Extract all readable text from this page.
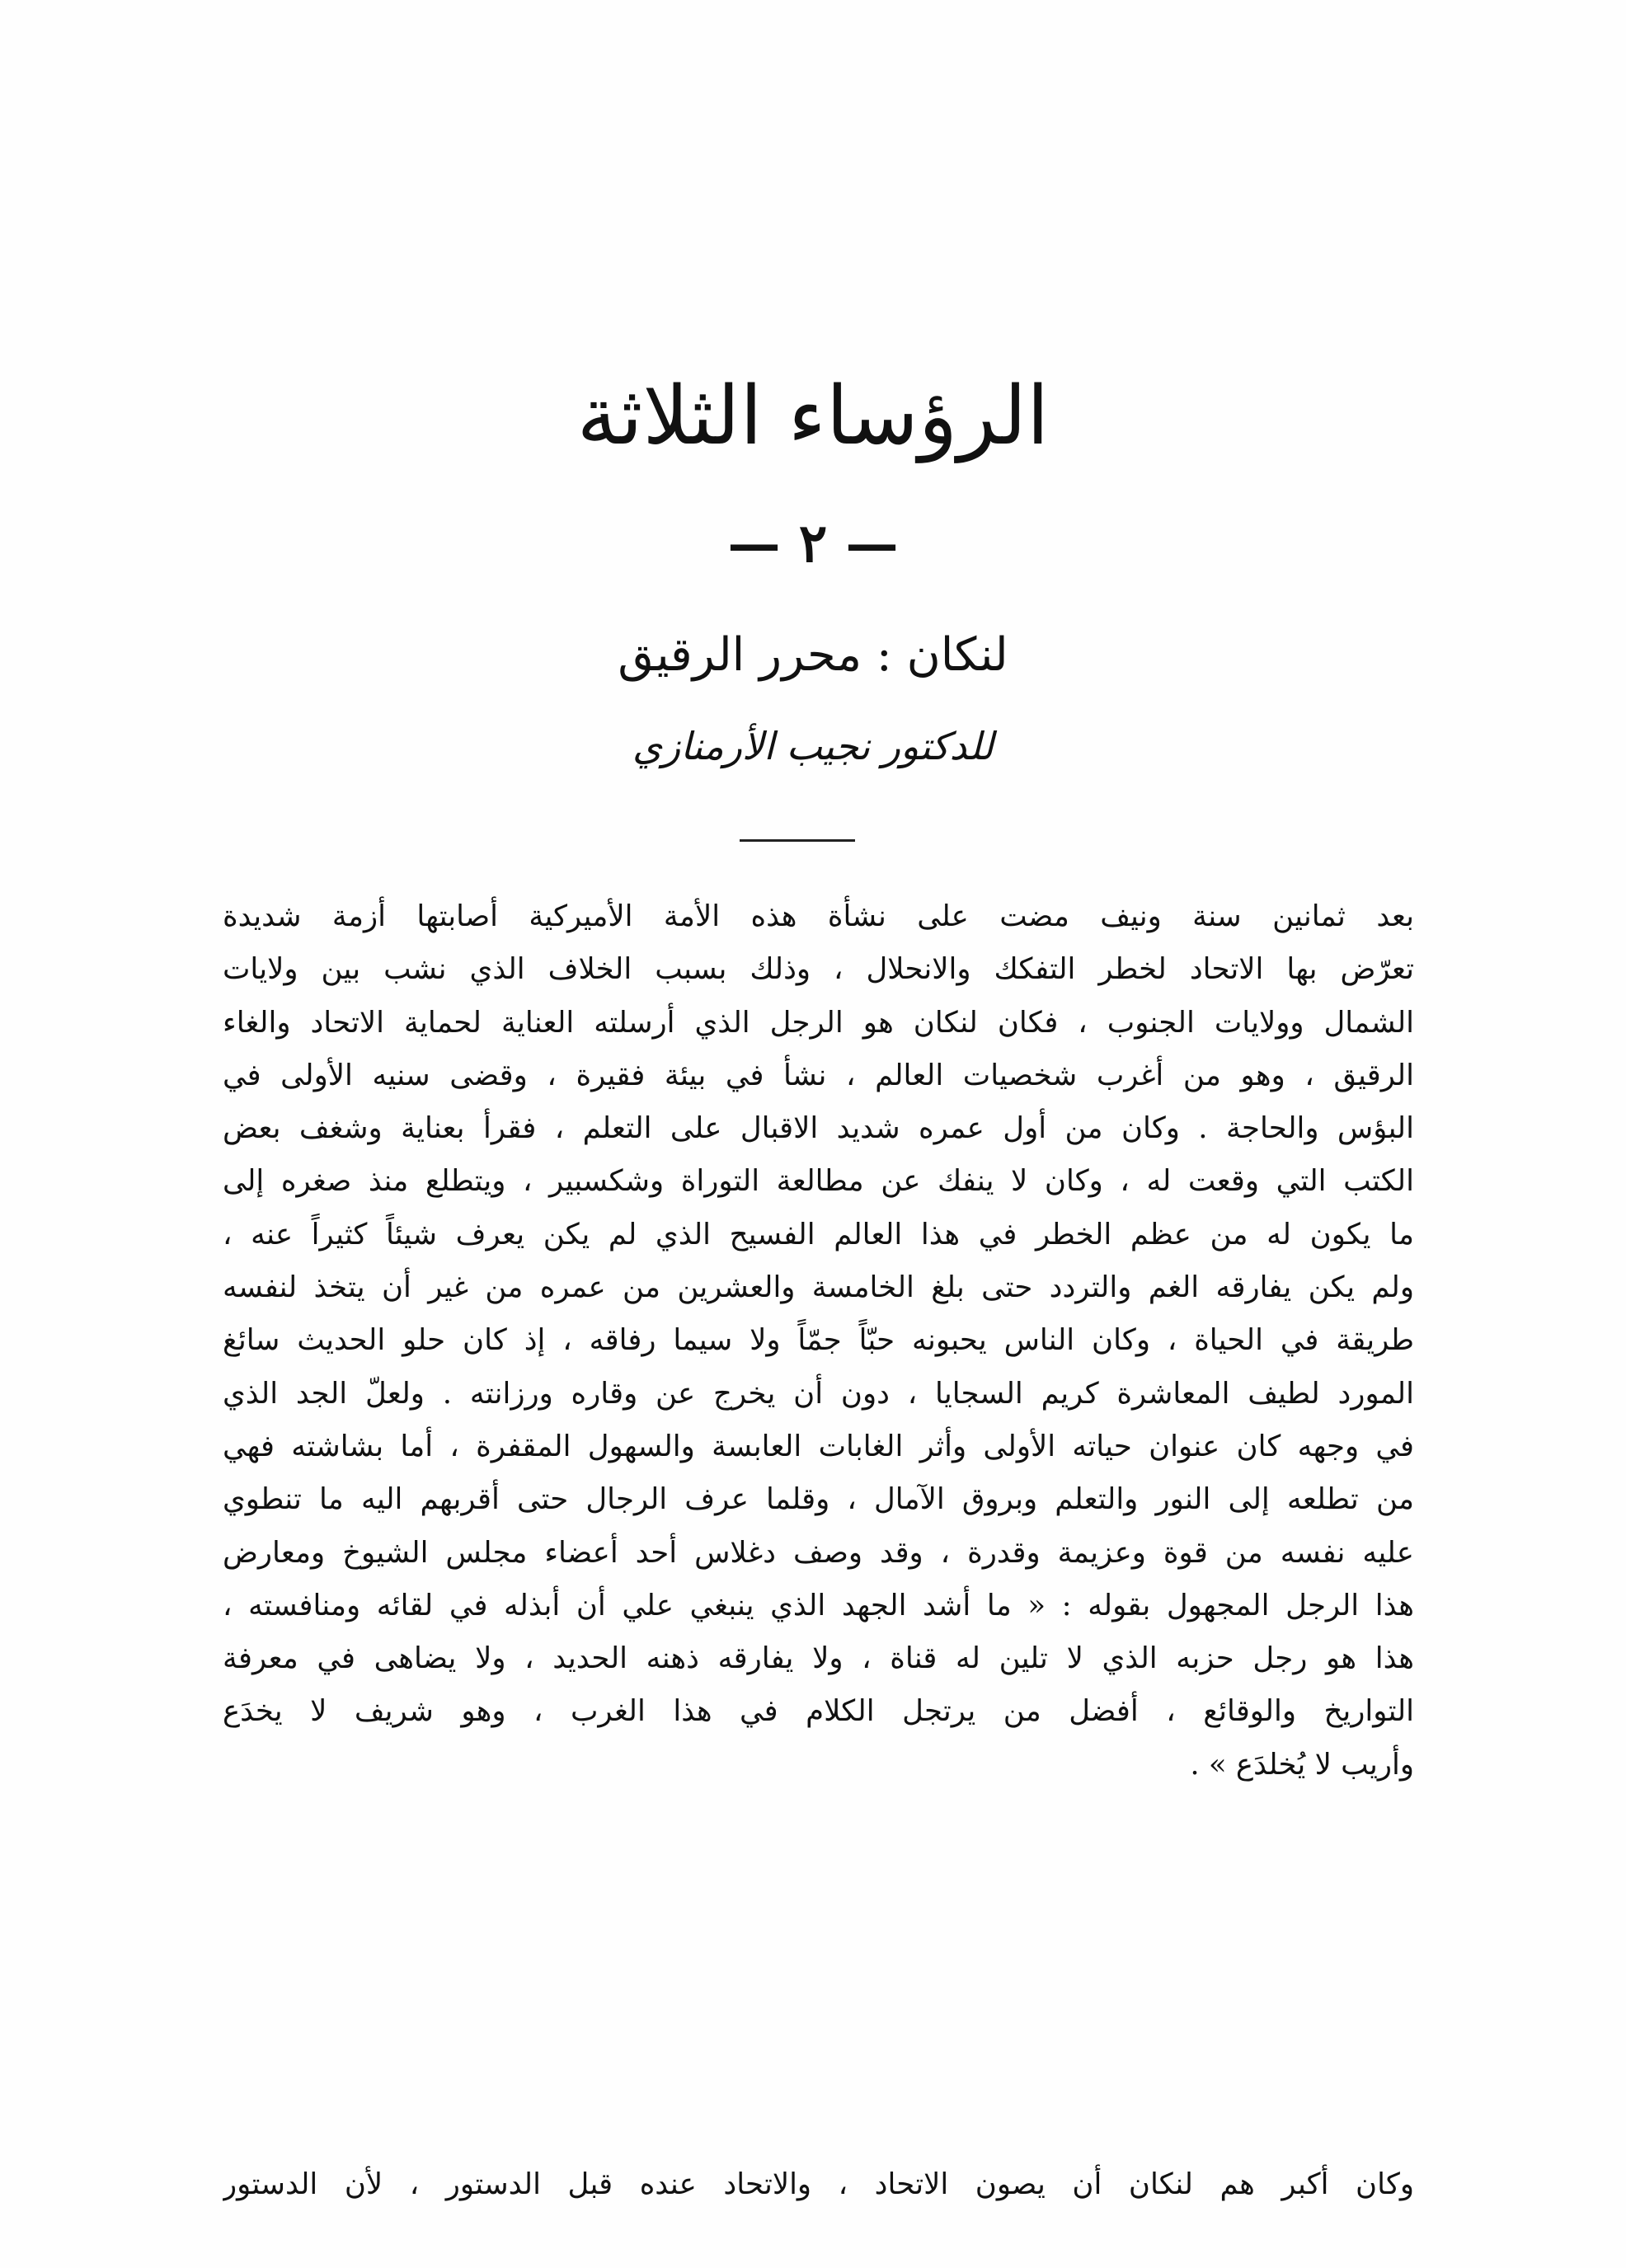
الرؤساء الثلاثة
— ٢ —
لنكان : محرر الرقيق
للدكتور نجيب الأرمنازي
بعد ثمانين سنة ونيف مضت على نشأة هذه الأمة الأميركية أصابتها أزمة شديدة
تعرّض بها الاتحاد لخطر التفكك والانحلال ، وذلك بسبب الخلاف الذي نشب بين ولايات
الشمال وولايات الجنوب ، فكان لنكان هو الرجل الذي أرسلته العناية لحماية الاتحاد والغاء
الرقيق ، وهو من أغرب شخصيات العالم ، نشأ في بيئة فقيرة ، وقضى سنيه الأولى في
البؤس والحاجة . وكان من أول عمره شديد الاقبال على التعلم ، فقرأ بعناية وشغف بعض
الكتب التي وقعت له ، وكان لا ينفك عن مطالعة التوراة وشكسبير ، ويتطلع منذ صغره إلى
ما يكون له من عظم الخطر في هذا العالم الفسيح الذي لم يكن يعرف شيئاً كثيراً عنه ،
ولم يكن يفارقه الغم والتردد حتى بلغ الخامسة والعشرين من عمره من غير أن يتخذ لنفسه
طريقة في الحياة ، وكان الناس يحبونه حبّاً جمّاً ولا سيما رفاقه ، إذ كان حلو الحديث سائغ
المورد لطيف المعاشرة كريم السجايا ، دون أن يخرج عن وقاره ورزانته . ولعلّ الجد الذي
في وجهه كان عنوان حياته الأولى وأثر الغابات العابسة والسهول المقفرة ، أما بشاشته فهي
من تطلعه إلى النور والتعلم وبروق الآمال ، وقلما عرف الرجال حتى أقربهم اليه ما تنطوي
عليه نفسه من قوة وعزيمة وقدرة ، وقد وصف دغلاس أحد أعضاء مجلس الشيوخ ومعارض
هذا الرجل المجهول بقوله : « ما أشد الجهد الذي ينبغي علي أن أبذله في لقائه ومنافسته ،
هذا هو رجل حزبه الذي لا تلين له قناة ، ولا يفارقه ذهنه الحديد ، ولا يضاهى في معرفة
التواريخ والوقائع ، أفضل من يرتجل الكلام في هذا الغرب ، وهو شريف لا يخدَع
وأريب لا يُخلدَع » .
وكان أكبر هم لنكان أن يصون الاتحاد ، والاتحاد عنده قبل الدستور ، لأن الدستور
